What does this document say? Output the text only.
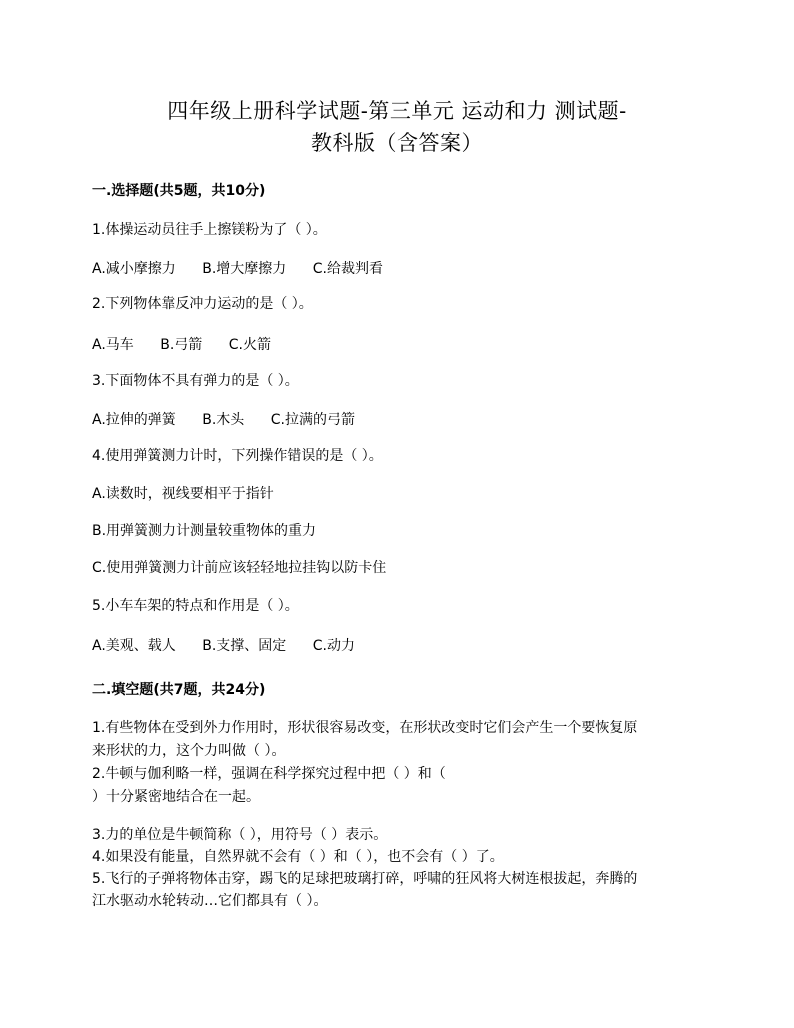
四年级上册科学试题-第三单元 运动和力 测试题-
教科版（含答案）
一.选择题(共5题，共10分)
1.体操运动员往手上擦镁粉为了（ ）。
A.减小摩擦力 B.增大摩擦力 C.给裁判看
2.下列物体靠反冲力运动的是（ ）。
A.马车 B.弓箭 C.火箭
3.下面物体不具有弹力的是（ ）。
A.拉伸的弹簧 B.木头 C.拉满的弓箭
4.使用弹簧测力计时，下列操作错误的是（ ）。
A.读数时，视线要相平于指针
B.用弹簧测力计测量较重物体的重力
C.使用弹簧测力计前应该轻轻地拉挂钩以防卡住
5.小车车架的特点和作用是（ ）。
A.美观、载人 B.支撑、固定 C.动力
二.填空题(共7题，共24分)
1.有些物体在受到外力作用时，形状很容易改变，在形状改变时它们会产生一个要恢复原
来形状的力，这个力叫做（ ）。
2.牛顿与伽利略一样，强调在科学探究过程中把（ ）和（
）十分紧密地结合在一起。
3.力的单位是牛顿简称（ ），用符号（ ）表示。
4.如果没有能量，自然界就不会有（ ）和（ ），也不会有（ ）了。
5.飞行的子弹将物体击穿，踢飞的足球把玻璃打碎，呼啸的狂风将大树连根拔起，奔腾的
江水驱动水轮转动…它们都具有（ ）。
